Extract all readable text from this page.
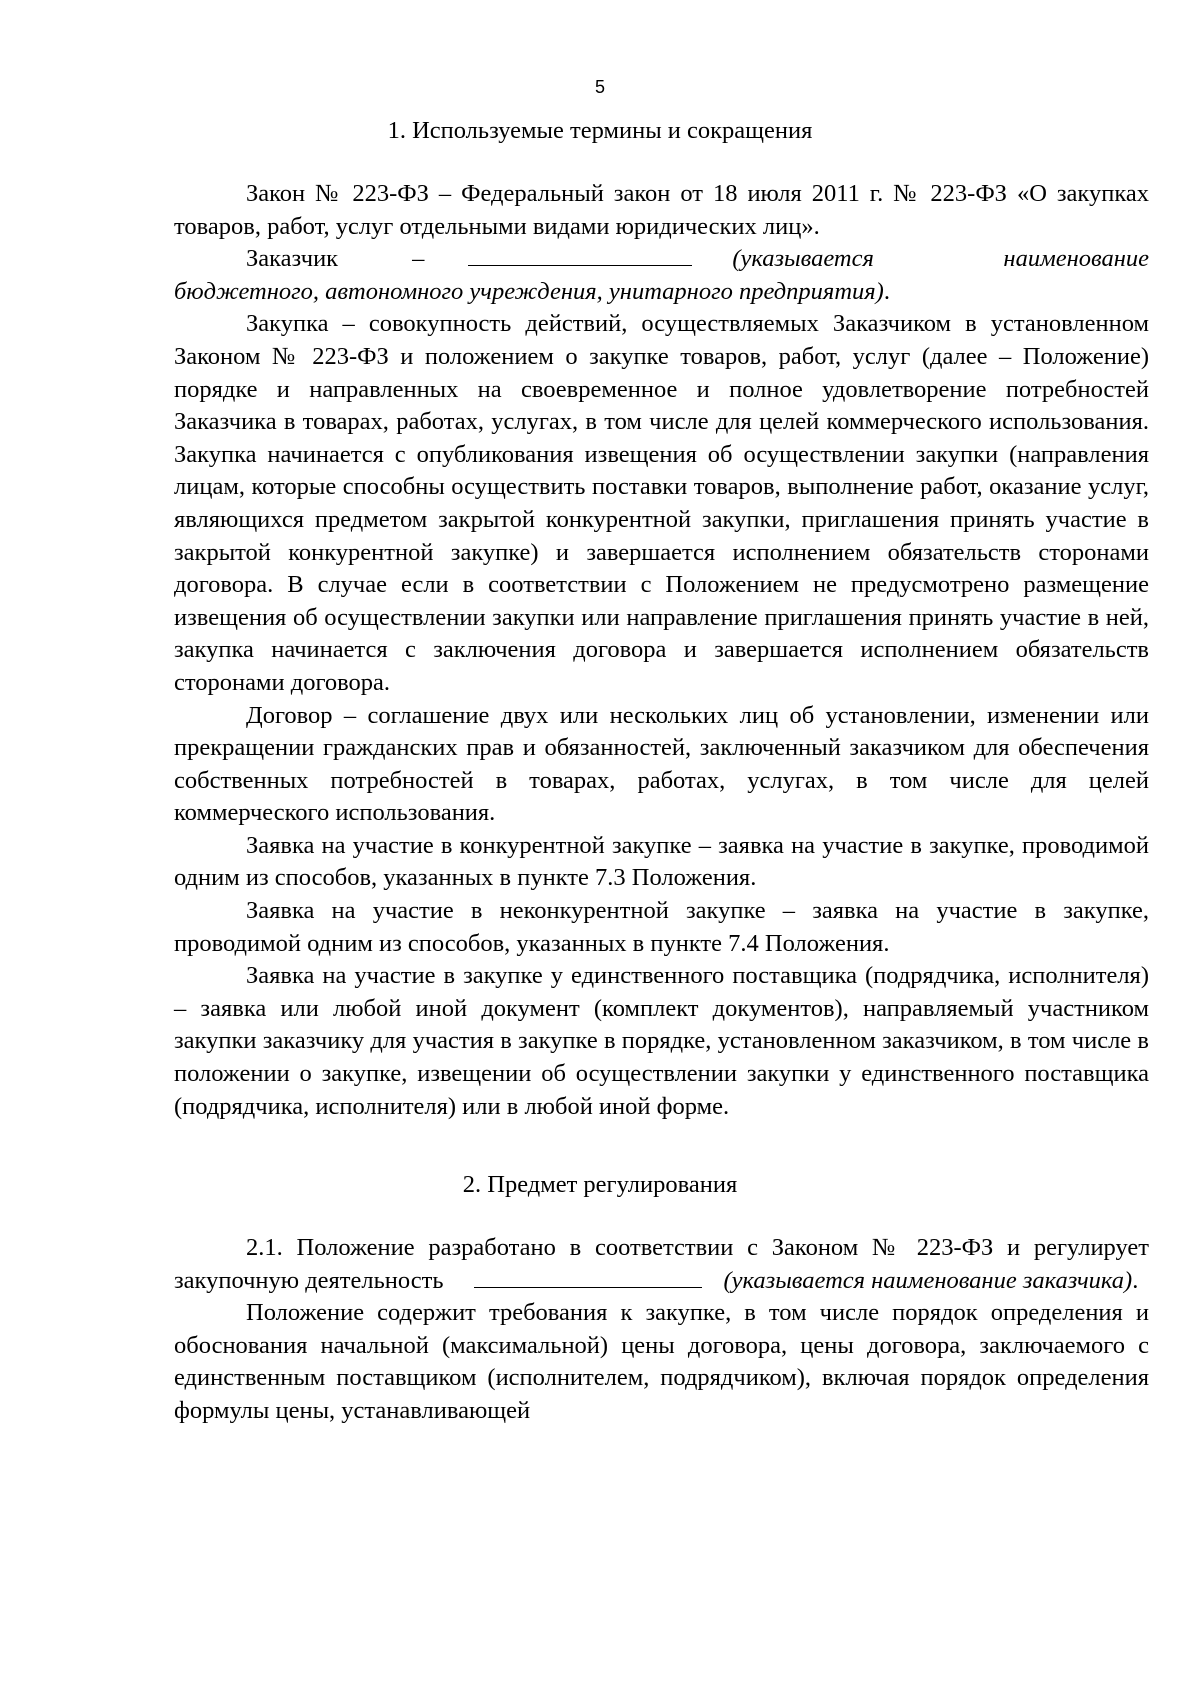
5
1. Используемые термины и сокращения

Закон № 223-ФЗ – Федеральный закон от 18 июля 2011 г. № 223-ФЗ «О закупках товаров, работ, услуг отдельными видами юридических лиц».

Заказчик	–	(указывается наименование бюджетного, автономного учреждения, унитарного предприятия).

Закупка – совокупность действий, осуществляемых Заказчиком в установленном Законом № 223-ФЗ и положением о закупке товаров, работ, услуг (далее – Положение) порядке и направленных на своевременное и полное удовлетворение потребностей Заказчика в товарах, работах, услугах, в том числе для целей коммерческого использования. Закупка начинается с опубликования извещения об осуществлении закупки (направления лицам, которые способны осуществить поставки товаров, выполнение работ, оказание услуг, являющихся предметом закрытой конкурентной закупки, приглашения принять участие в закрытой конкурентной закупке) и завершается исполнением обязательств сторонами договора. В случае если в соответствии с Положением не предусмотрено размещение извещения об осуществлении закупки или направление приглашения принять участие в ней, закупка начинается с заключения договора и завершается исполнением обязательств сторонами договора.

Договор – соглашение двух или нескольких лиц об установлении, изменении или прекращении гражданских прав и обязанностей, заключенный заказчиком для обеспечения собственных потребностей в товарах, работах, услугах, в том числе для целей коммерческого использования.

Заявка на участие в конкурентной закупке – заявка на участие в закупке, проводимой одним из способов, указанных в пункте 7.3 Положения.

Заявка на участие в неконкурентной закупке – заявка на участие в закупке, проводимой одним из способов, указанных в пункте 7.4 Положения.

Заявка на участие в закупке у единственного поставщика (подрядчика, исполнителя) – заявка или любой иной документ (комплект документов), направляемый участником закупки заказчику для участия в закупке в порядке, установленном заказчиком, в том числе в положении о закупке, извещении об осуществлении закупки у единственного поставщика (подрядчика, исполнителя) или в любой иной форме.

2. Предмет регулирования

2.1. Положение разработано в соответствии с Законом № 223-ФЗ и регулирует закупочную деятельность	(указывается наименование заказчика).

Положение содержит требования к закупке, в том числе порядок определения и обоснования начальной (максимальной) цены договора, цены договора, заключаемого с единственным поставщиком (исполнителем, подрядчиком), включая порядок определения формулы цены, устанавливающей
